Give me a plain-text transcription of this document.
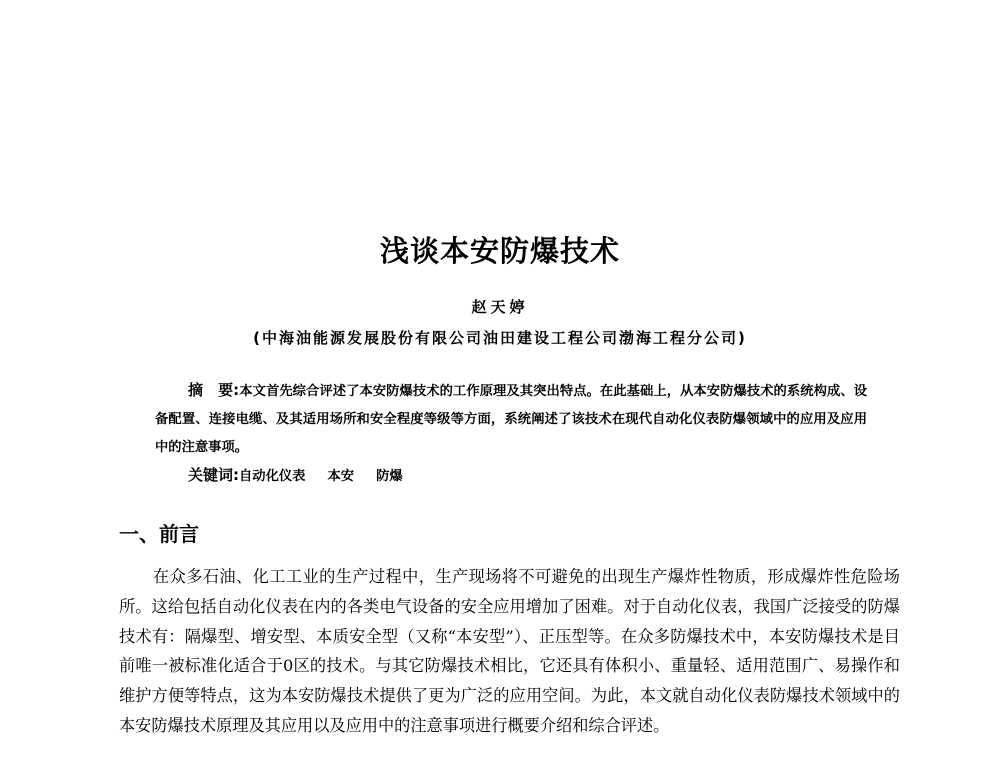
浅谈本安防爆技术
赵天婷
(中海油能源发展股份有限公司油田建设工程公司渤海工程分公司)

摘　要:本文首先综合评述了本安防爆技术的工作原理及其突出特点。在此基础上，从本安防爆技术的系统构成、设备配置、连接电缆、及其适用场所和安全程度等级等方面，系统阐述了该技术在现代自动化仪表防爆领域中的应用及应用中的注意事项。

关键词:自动化仪表 本安 防爆

一、前言

在众多石油、化工工业的生产过程中，生产现场将不可避免的出现生产爆炸性物质，形成爆炸性危险场所。这给包括自动化仪表在内的各类电气设备的安全应用增加了困难。对于自动化仪表，我国广泛接受的防爆技术有：隔爆型、增安型、本质安全型（又称“本安型”）、正压型等。在众多防爆技术中，本安防爆技术是目前唯一被标准化适合于0区的技术。与其它防爆技术相比，它还具有体积小、重量轻、适用范围广、易操作和维护方便等特点，这为本安防爆技术提供了更为广泛的应用空间。为此，本文就自动化仪表防爆技术领域中的本安防爆技术原理及其应用以及应用中的注意事项进行概要介绍和综合评述。
